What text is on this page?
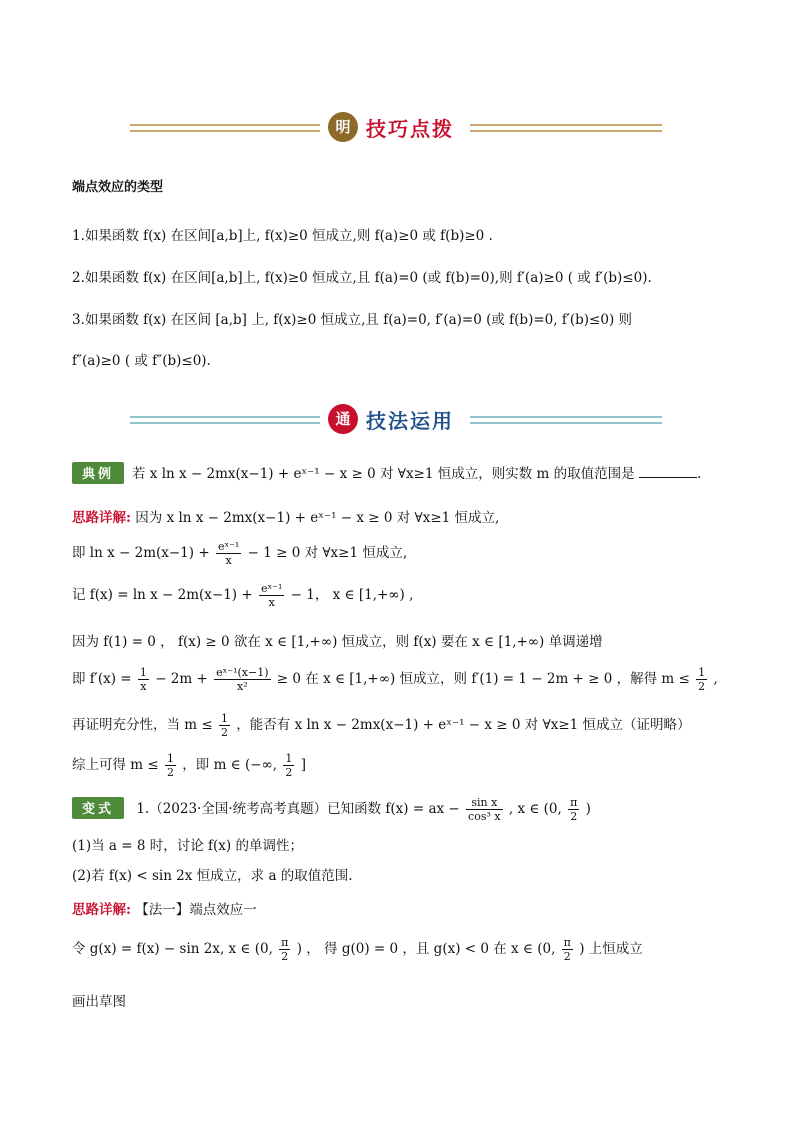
明 技巧点拨
端点效应的类型
1.如果函数 f(x) 在区间[a,b]上, f(x)≥0 恒成立,则 f(a)≥0 或 f(b)≥0 .
2.如果函数 f(x) 在区间[a,b]上, f(x)≥0 恒成立,且 f(a)=0 (或 f(b)=0),则 f′(a)≥0 ( 或 f′(b)≤0).
3.如果函数 f(x) 在区间 [a,b] 上, f(x)≥0 恒成立,且 f(a)=0, f′(a)=0 (或 f(b)=0, f′(b)≤0) 则
f″(a)≥0 ( 或 f″(b)≤0).
通 技法运用
典例 若 x ln x − 2mx(x−1) + eˣ⁻¹ − x ≥ 0 对 ∀x≥1 恒成立，则实数 m 的取值范围是	.
思路详解: 因为 x ln x − 2mx(x−1) + eˣ⁻¹ − x ≥ 0 对 ∀x≥1 恒成立,
即 $\ln x - 2m(x-1) + \frac{\text{eˣ⁻¹}}{x} - 1 \ge 0$ 对 ∀x≥1 恒成立,
记 $f(x) = \ln x - 2m(x-1) + \frac{\text{eˣ⁻¹}}{x} - 1$， x ∈ [1,+∞) ,
因为 f(1) = 0 ， f(x) ≥ 0 欲在 x ∈ [1,+∞) 恒成立，则 f(x) 要在 x ∈ [1,+∞) 单调递增
即 $f'(x) = \frac{1}{x} - 2m + \frac{\text{eˣ⁻¹(x−1)}}{\text{x²}} \ge 0$ 在 x ∈ [1,+∞) 恒成立，则 f′(1) = 1 − 2m + ≥ 0 ，解得 $m \le \frac{1}{2}$ ,
再证明充分性，当 $m \le \frac{1}{2}$ ，能否有 x ln x − 2mx(x−1) + eˣ⁻¹ − x ≥ 0 对 ∀x≥1 恒成立（证明略）
综上可得 $m \le \frac{1}{2}$ ，即 m ∈ (−∞, $\frac{1}{2}$ ]
变式 1.（2023·全国·统考高考真题）已知函数 f(x) = ax − $\frac{\text{sin x}}{\text{cos³ x}}$ , x ∈ (0, $\frac{\pi}{2}$ )
(1)当 a = 8 时，讨论 f(x) 的单调性；
(2)若 f(x) < sin 2x 恒成立，求 a 的取值范围.
思路详解: 【法一】端点效应一
令 g(x) = f(x) − sin 2x, x ∈ (0, $\frac{\pi}{2}$ ) ， 得 g(0) = 0 ，且 g(x) < 0 在 x ∈ (0, $\frac{\pi}{2}$ ) 上恒成立
画出草图
